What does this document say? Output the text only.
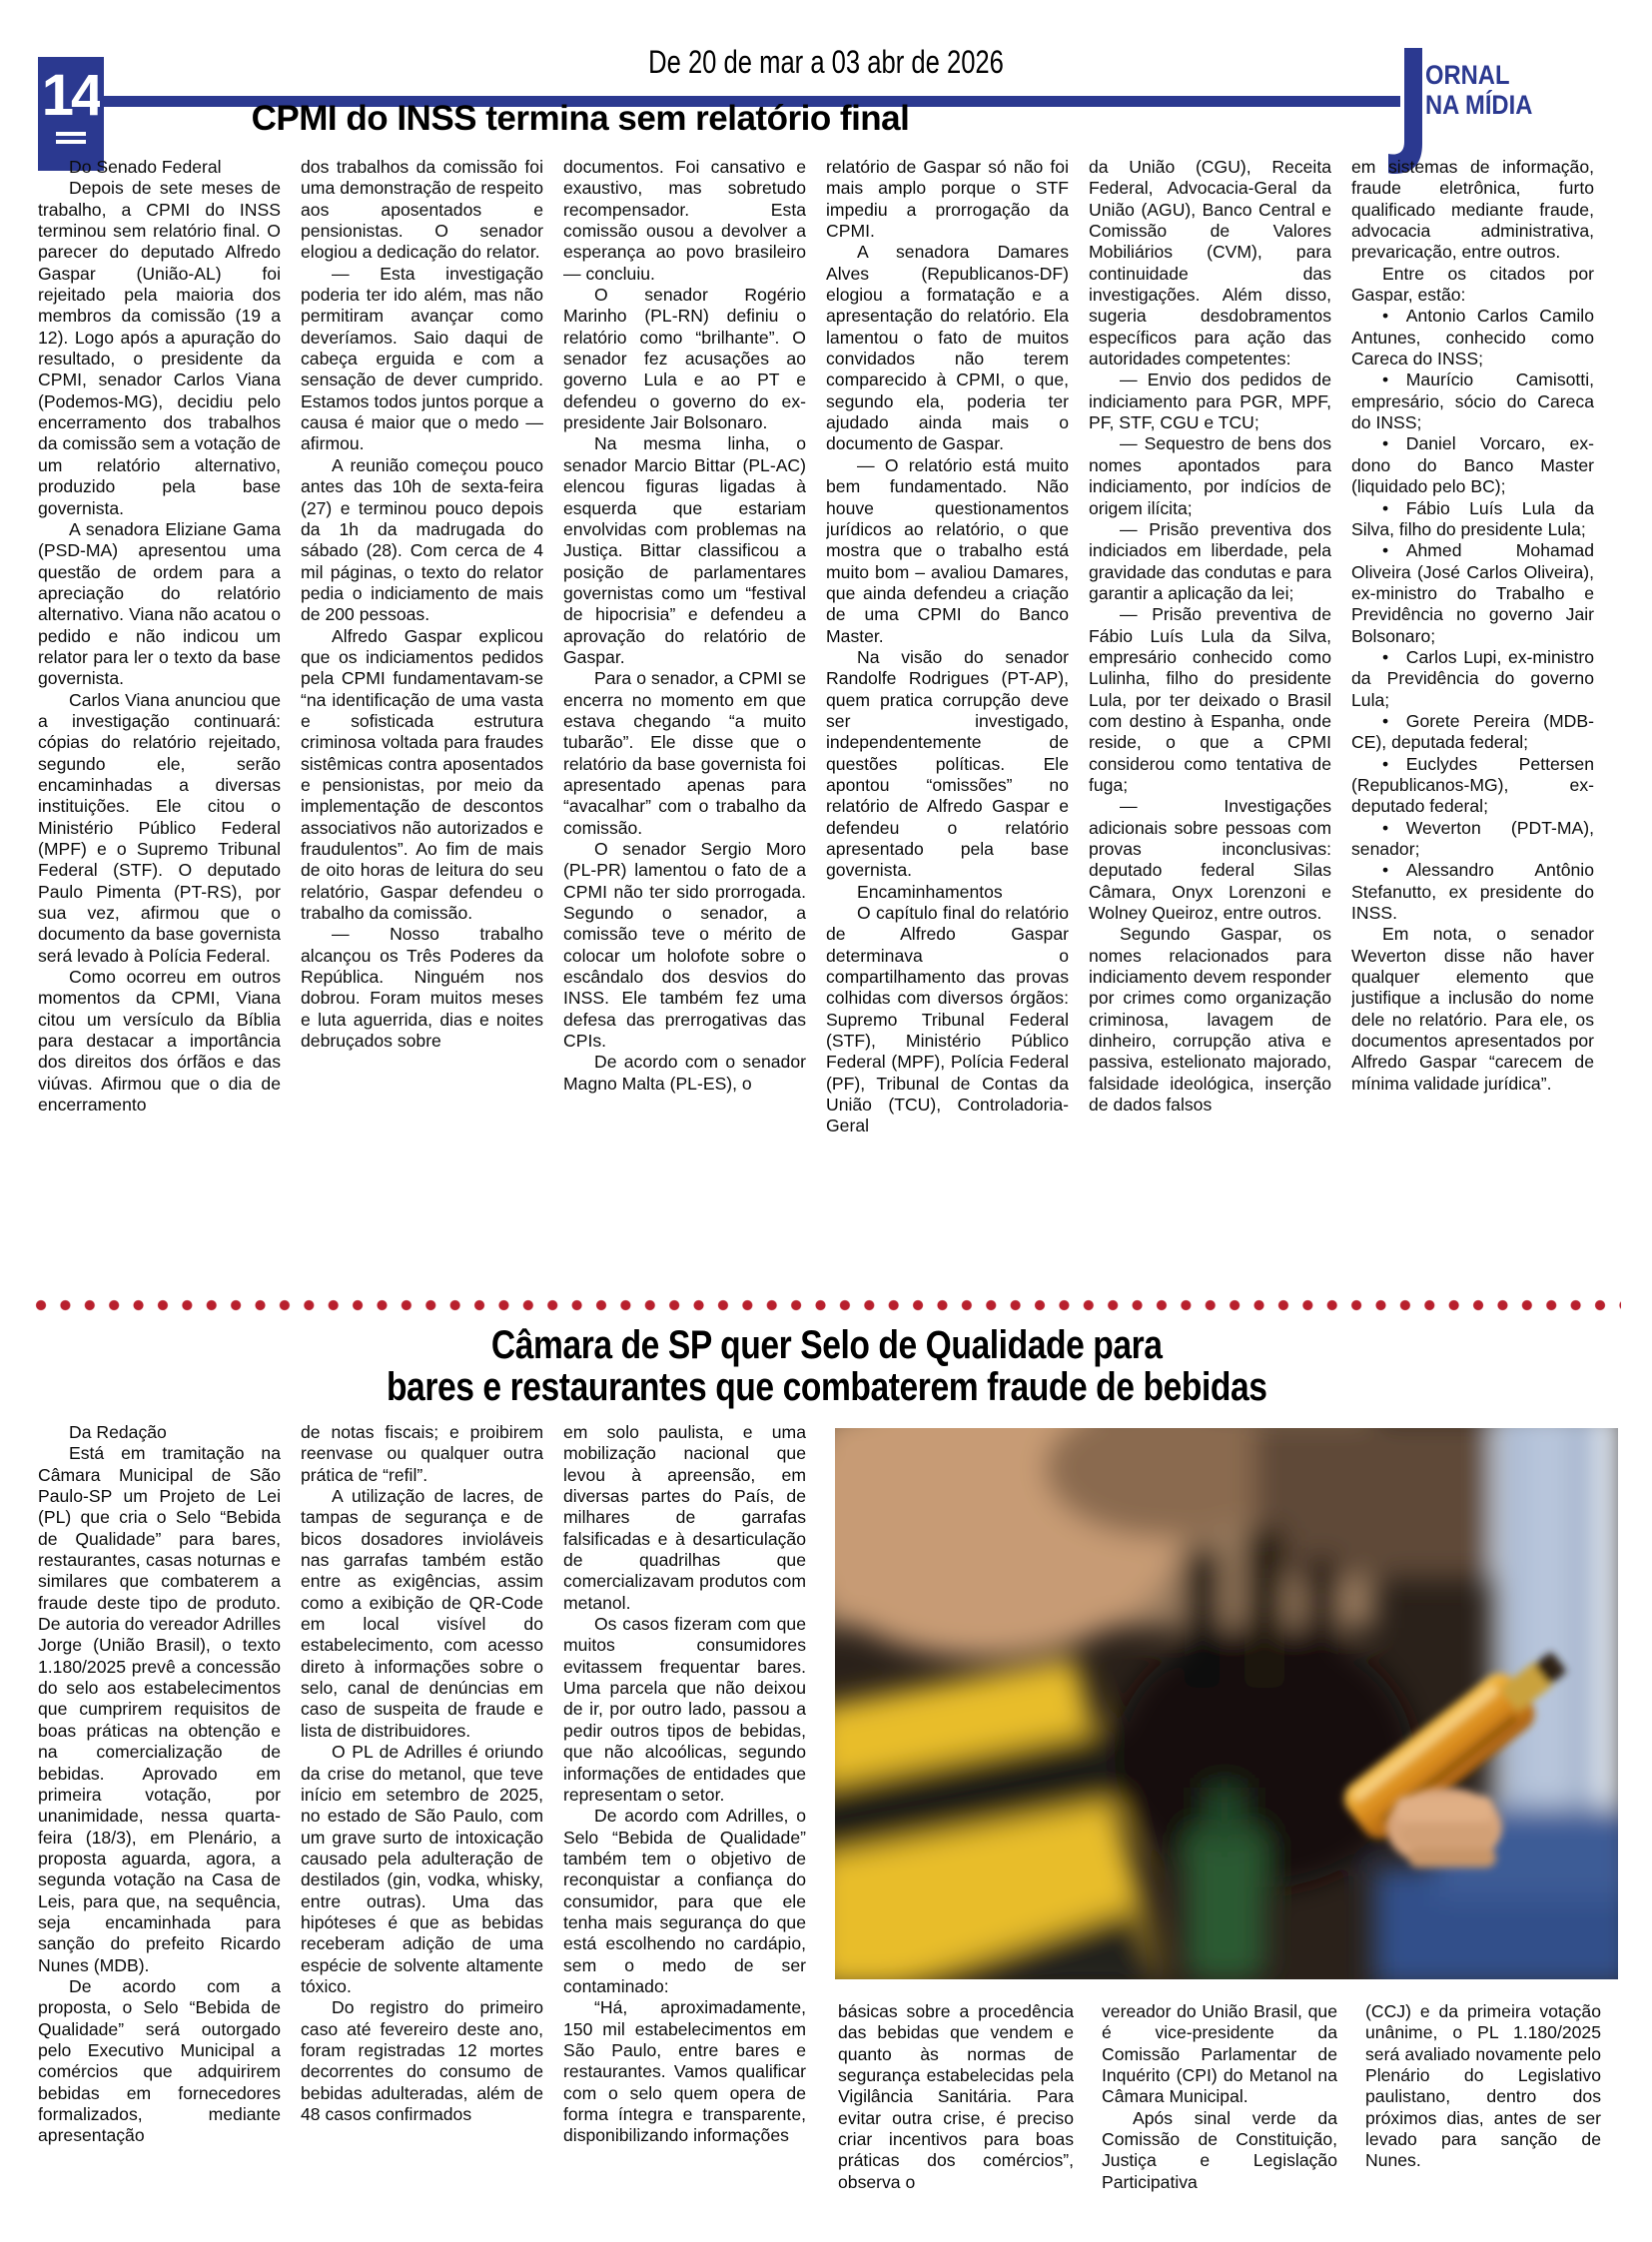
14
De 20 de mar a 03 abr de 2026	ORNAL
NA MÍDIA
CPMI do INSS termina sem relatório final

Do Senado Federal

Depois de sete meses de trabalho, a CPMI do INSS terminou sem relatório final. O parecer do deputado Alfredo Gaspar (União-AL) foi rejeitado pela maioria dos membros da comissão (19 a 12). Logo após a apuração do resultado, o presidente da CPMI, senador Carlos Viana (Podemos-MG), decidiu pelo encerramento dos trabalhos da comissão sem a votação de um relatório alternativo, produzido pela base governista.

A senadora Eliziane Gama (PSD-MA) apresentou uma questão de ordem para a apreciação do relatório alternativo. Viana não acatou o pedido e não indicou um relator para ler o texto da base governista.

Carlos Viana anunciou que a investigação continuará: cópias do relatório rejeitado, segundo ele, serão encaminhadas a diversas instituições. Ele citou o Ministério Público Federal (MPF) e o Supremo Tribunal Federal (STF). O deputado Paulo Pimenta (PT-RS), por sua vez, afirmou que o documento da base governista será levado à Polícia Federal.

Como ocorreu em outros momentos da CPMI, Viana citou um versículo da Bíblia para destacar a importância dos direitos dos órfãos e das viúvas. Afirmou que o dia de encerramento

dos trabalhos da comissão foi uma demonstração de respeito aos aposentados e pensionistas. O senador elogiou a dedicação do relator.

— Esta investigação poderia ter ido além, mas não permitiram avançar como deveríamos. Saio daqui de cabeça erguida e com a sensação de dever cumprido. Estamos todos juntos porque a causa é maior que o medo — afirmou.

A reunião começou pouco antes das 10h de sexta-feira (27) e terminou pouco depois da 1h da madrugada do sábado (28). Com cerca de 4 mil páginas, o texto do relator pedia o indiciamento de mais de 200 pessoas.

Alfredo Gaspar explicou que os indiciamentos pedidos pela CPMI fundamentavam-se “na identificação de uma vasta e sofisticada estrutura criminosa voltada para fraudes sistêmicas contra aposentados e pensionistas, por meio da implementação de descontos associativos não autorizados e fraudulentos”. Ao fim de mais de oito horas de leitura do seu relatório, Gaspar defendeu o trabalho da comissão.

— Nosso trabalho alcançou os Três Poderes da República. Ninguém nos dobrou. Foram muitos meses e luta aguerrida, dias e noites debruçados sobre

documentos. Foi cansativo e exaustivo, mas sobretudo recompensador. Esta comissão ousou a devolver a esperança ao povo brasileiro — concluiu.

O senador Rogério Marinho (PL-RN) definiu o relatório como “brilhante”. O senador fez acusações ao governo Lula e ao PT e defendeu o governo do ex-presidente Jair Bolsonaro.

Na mesma linha, o senador Marcio Bittar (PL-AC) elencou figuras ligadas à esquerda que estariam envolvidas com problemas na Justiça. Bittar classificou a posição de parlamentares governistas como um “festival de hipocrisia” e defendeu a aprovação do relatório de Gaspar.

Para o senador, a CPMI se encerra no momento em que estava chegando “a muito tubarão”. Ele disse que o relatório da base governista foi apresentado apenas para “avacalhar” com o trabalho da comissão.

O senador Sergio Moro (PL-PR) lamentou o fato de a CPMI não ter sido prorrogada. Segundo o senador, a comissão teve o mérito de colocar um holofote sobre o escândalo dos desvios do INSS. Ele também fez uma defesa das prerrogativas das CPIs.

De acordo com o senador Magno Malta (PL-ES), o

relatório de Gaspar só não foi mais amplo porque o STF impediu a prorrogação da CPMI.

A senadora Damares Alves (Republicanos-DF) elogiou a formatação e a apresentação do relatório. Ela lamentou o fato de muitos convidados não terem comparecido à CPMI, o que, segundo ela, poderia ter ajudado ainda mais o documento de Gaspar.

— O relatório está muito bem fundamentado. Não houve questionamentos jurídicos ao relatório, o que mostra que o trabalho está muito bom – avaliou Damares, que ainda defendeu a criação de uma CPMI do Banco Master.

Na visão do senador Randolfe Rodrigues (PT-AP), quem pratica corrupção deve ser investigado, independentemente de questões políticas. Ele apontou “omissões” no relatório de Alfredo Gaspar e defendeu o relatório apresentado pela base governista.

Encaminhamentos

O capítulo final do relatório de Alfredo Gaspar determinava o compartilhamento das provas colhidas com diversos órgãos: Supremo Tribunal Federal (STF), Ministério Público Federal (MPF), Polícia Federal (PF), Tribunal de Contas da União (TCU), Controladoria-Geral

da União (CGU), Receita Federal, Advocacia-Geral da União (AGU), Banco Central e Comissão de Valores Mobiliários (CVM), para continuidade das investigações. Além disso, sugeria desdobramentos específicos para ação das autoridades competentes:

— Envio dos pedidos de indiciamento para PGR, MPF, PF, STF, CGU e TCU;

— Sequestro de bens dos nomes apontados para indiciamento, por indícios de origem ilícita;

— Prisão preventiva dos indiciados em liberdade, pela gravidade das condutas e para garantir a aplicação da lei;

— Prisão preventiva de Fábio Luís Lula da Silva, empresário conhecido como Lulinha, filho do presidente Lula, por ter deixado o Brasil com destino à Espanha, onde reside, o que a CPMI considerou como tentativa de fuga;

— Investigações adicionais sobre pessoas com provas inconclusivas: deputado federal Silas Câmara, Onyx Lorenzoni e Wolney Queiroz, entre outros.

Segundo Gaspar, os nomes relacionados para indiciamento devem responder por crimes como organização criminosa, lavagem de dinheiro, corrupção ativa e passiva, estelionato majorado, falsidade ideológica, inserção de dados falsos

em sistemas de informação, fraude eletrônica, furto qualificado mediante fraude, advocacia administrativa, prevaricação, entre outros.

Entre os citados por Gaspar, estão:

• Antonio Carlos Camilo Antunes, conhecido como Careca do INSS;

• Maurício Camisotti, empresário, sócio do Careca do INSS;

• Daniel Vorcaro, ex-dono do Banco Master (liquidado pelo BC);

• Fábio Luís Lula da Silva, filho do presidente Lula;

• Ahmed Mohamad Oliveira (José Carlos Oliveira), ex-ministro do Trabalho e Previdência no governo Jair Bolsonaro;

• Carlos Lupi, ex-ministro da Previdência do governo Lula;

• Gorete Pereira (MDB-CE), deputada federal;

• Euclydes Pettersen (Republicanos-MG), ex-deputado federal;

• Weverton (PDT-MA), senador;

• Alessandro Antônio Stefanutto, ex presidente do INSS.

Em nota, o senador Weverton disse não haver qualquer elemento que justifique a inclusão do nome dele no relatório. Para ele, os documentos apresentados por Alfredo Gaspar “carecem de mínima validade jurídica”.

Câmara de SP quer Selo de Qualidade para
bares e restaurantes que combaterem fraude de bebidas

Da Redação

Está em tramitação na Câmara Municipal de São Paulo-SP um Projeto de Lei (PL) que cria o Selo “Bebida de Qualidade” para bares, restaurantes, casas noturnas e similares que combaterem a fraude deste tipo de produto. De autoria do vereador Adrilles Jorge (União Brasil), o texto 1.180/2025 prevê a concessão do selo aos estabelecimentos que cumprirem requisitos de boas práticas na obtenção e na comercialização de bebidas. Aprovado em primeira votação, por unanimidade, nessa quarta-feira (18/3), em Plenário, a proposta aguarda, agora, a segunda votação na Casa de Leis, para que, na sequência, seja encaminhada para sanção do prefeito Ricardo Nunes (MDB).

De acordo com a proposta, o Selo “Bebida de Qualidade” será outorgado pelo Executivo Municipal a comércios que adquirirem bebidas em fornecedores formalizados, mediante apresentação

de notas fiscais; e proibirem reenvase ou qualquer outra prática de “refil”.

A utilização de lacres, de tampas de segurança e de bicos dosadores invioláveis nas garrafas também estão entre as exigências, assim como a exibição de QR-Code em local visível do estabelecimento, com acesso direto à informações sobre o selo, canal de denúncias em caso de suspeita de fraude e lista de distribuidores.

O PL de Adrilles é oriundo da crise do metanol, que teve início em setembro de 2025, no estado de São Paulo, com um grave surto de intoxicação causado pela adulteração de destilados (gin, vodka, whisky, entre outras). Uma das hipóteses é que as bebidas receberam adição de uma espécie de solvente altamente tóxico.

Do registro do primeiro caso até fevereiro deste ano, foram registradas 12 mortes decorrentes do consumo de bebidas adulteradas, além de 48 casos confirmados

em solo paulista, e uma mobilização nacional que levou à apreensão, em diversas partes do País, de milhares de garrafas falsificadas e à desarticulação de quadrilhas que comercializavam produtos com metanol.

Os casos fizeram com que muitos consumidores evitassem frequentar bares. Uma parcela que não deixou de ir, por outro lado, passou a pedir outros tipos de bebidas, que não alcoólicas, segundo informações de entidades que representam o setor.

De acordo com Adrilles, o Selo “Bebida de Qualidade” também tem o objetivo de reconquistar a confiança do consumidor, para que ele tenha mais segurança do que está escolhendo no cardápio, sem o medo de ser contaminado:

“Há, aproximadamente, 150 mil estabelecimentos em São Paulo, entre bares e restaurantes. Vamos qualificar com o selo quem opera de forma íntegra e transparente, disponibilizando informações

básicas sobre a procedência das bebidas que vendem e quanto às normas de segurança estabelecidas pela Vigilância Sanitária. Para evitar outra crise, é preciso criar incentivos para boas práticas dos comércios”, observa o

vereador do União Brasil, que é vice-presidente da Comissão Parlamentar de Inquérito (CPI) do Metanol na Câmara Municipal.

Após sinal verde da Comissão de Constituição, Justiça e Legislação Participativa

(CCJ) e da primeira votação unânime, o PL 1.180/2025 será avaliado novamente pelo Plenário do Legislativo paulistano, dentro dos próximos dias, antes de ser levado para sanção de Nunes.
